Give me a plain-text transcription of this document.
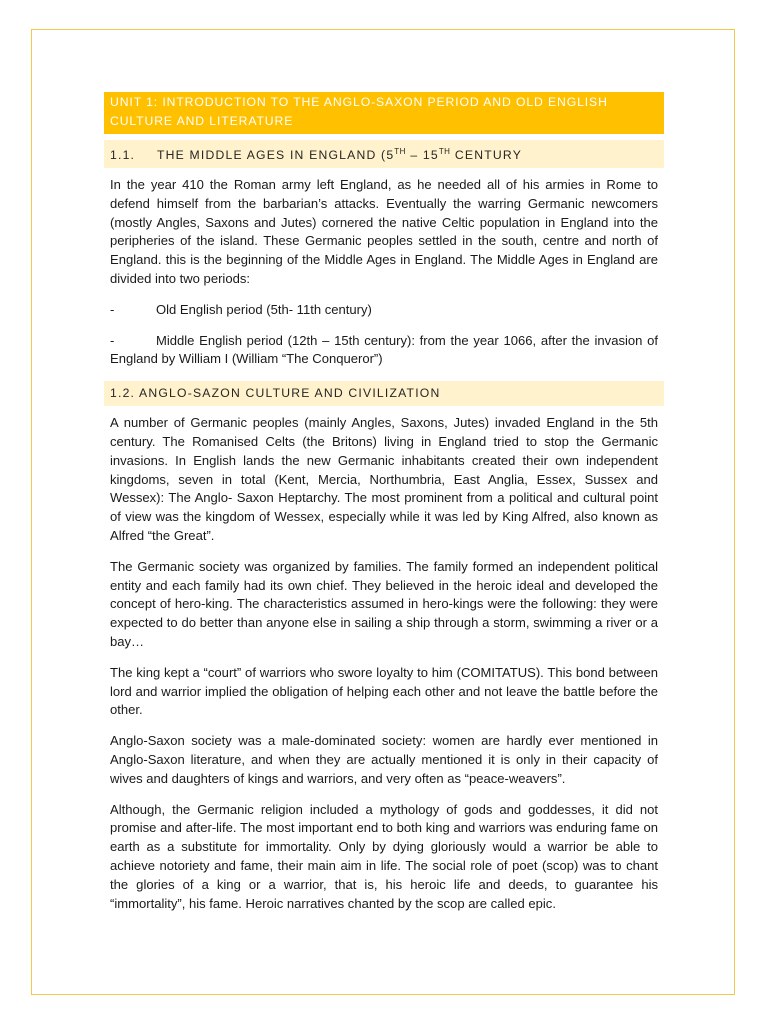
UNIT 1: INTRODUCTION TO THE ANGLO-SAXON PERIOD AND OLD ENGLISH CULTURE AND LITERATURE
1.1. THE MIDDLE AGES IN ENGLAND (5TH – 15TH CENTURY

In the year 410 the Roman army left England, as he needed all of his armies in Rome to defend himself from the barbarian’s attacks. Eventually the warring Germanic newcomers (mostly Angles, Saxons and Jutes) cornered the native Celtic population in England into the peripheries of the island. These Germanic peoples settled in the south, centre and north of England. this is the beginning of the Middle Ages in England. The Middle Ages in England are divided into two periods:

-	Old English period (5th- 11th century)

-	Middle English period (12th – 15th century): from the year 1066, after the invasion of England by William I (William “The Conqueror”)

1.2. ANGLO-SAZON CULTURE AND CIVILIZATION

A number of Germanic peoples (mainly Angles, Saxons, Jutes) invaded England in the 5th century. The Romanised Celts (the Britons) living in England tried to stop the Germanic invasions. In English lands the new Germanic inhabitants created their own independent kingdoms, seven in total (Kent, Mercia, Northumbria, East Anglia, Essex, Sussex and Wessex): The Anglo- Saxon Heptarchy. The most prominent from a political and cultural point of view was the kingdom of Wessex, especially while it was led by King Alfred, also known as Alfred “the Great”.

The Germanic society was organized by families. The family formed an independent political entity and each family had its own chief. They believed in the heroic ideal and developed the concept of hero-king. The characteristics assumed in hero-kings were the following: they were expected to do better than anyone else in sailing a ship through a storm, swimming a river or a bay…

The king kept a “court” of warriors who swore loyalty to him (COMITATUS). This bond between lord and warrior implied the obligation of helping each other and not leave the battle before the other.

Anglo-Saxon society was a male-dominated society: women are hardly ever mentioned in Anglo-Saxon literature, and when they are actually mentioned it is only in their capacity of wives and daughters of kings and warriors, and very often as “peace-weavers”.

Although, the Germanic religion included a mythology of gods and goddesses, it did not promise and after-life. The most important end to both king and warriors was enduring fame on earth as a substitute for immortality. Only by dying gloriously would a warrior be able to achieve notoriety and fame, their main aim in life. The social role of poet (scop) was to chant the glories of a king or a warrior, that is, his heroic life and deeds, to guarantee his “immortality”, his fame. Heroic narratives chanted by the scop are called epic.
